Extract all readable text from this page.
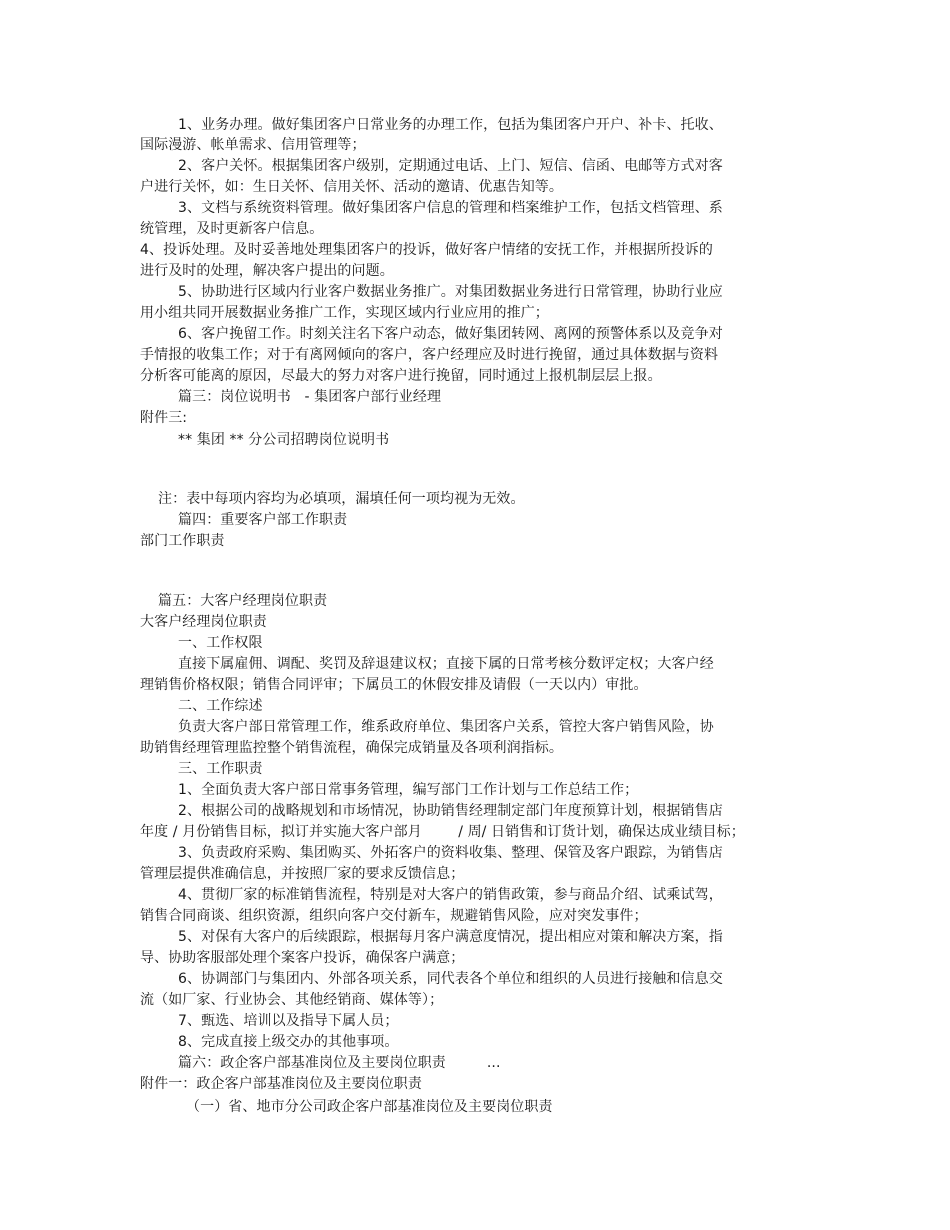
1、业务办理。做好集团客户日常业务的办理工作，包括为集团客户开户、补卡、托收、
国际漫游、帐单需求、信用管理等；
2、客户关怀。根据集团客户级别，定期通过电话、上门、短信、信函、电邮等方式对客
户进行关怀，如：生日关怀、信用关怀、活动的邀请、优惠告知等。
3、文档与系统资料管理。做好集团客户信息的管理和档案维护工作，包括文档管理、系
统管理，及时更新客户信息。
4、投诉处理。及时妥善地处理集团客户的投诉，做好客户情绪的安抚工作，并根据所投诉的
进行及时的处理，解决客户提出的问题。
5、协助进行区域内行业客户数据业务推广。对集团数据业务进行日常管理，协助行业应
用小组共同开展数据业务推广工作，实现区域内行业应用的推广；
6、客户挽留工作。时刻关注名下客户动态，做好集团转网、离网的预警体系以及竞争对
手情报的收集工作；对于有离网倾向的客户，客户经理应及时进行挽留，通过具体数据与资料
分析客可能离的原因，尽最大的努力对客户进行挽留，同时通过上报机制层层上报。
篇三：岗位说明书   - 集团客户部行业经理
附件三:
** 集团 ** 分公司招聘岗位说明书
注：表中每项内容均为必填项，漏填任何一项均视为无效。
篇四：重要客户部工作职责
部门工作职责
篇五：大客户经理岗位职责
大客户经理岗位职责
一、工作权限
直接下属雇佣、调配、奖罚及辞退建议权；直接下属的日常考核分数评定权；大客户经
理销售价格权限；销售合同评审；下属员工的休假安排及请假（一天以内）审批。
二、工作综述
负责大客户部日常管理工作，维系政府单位、集团客户关系，管控大客户销售风险，协
助销售经理管理监控整个销售流程，确保完成销量及各项利润指标。
三、工作职责
1、全面负责大客户部日常事务管理，编写部门工作计划与工作总结工作；
2、根据公司的战略规划和市场情况，协助销售经理制定部门年度预算计划，根据销售店
年度 / 月份销售目标，拟订并实施大客户部月        / 周/ 日销售和订货计划，确保达成业绩目标；
3、负责政府采购、集团购买、外拓客户的资料收集、整理、保管及客户跟踪，为销售店
管理层提供准确信息，并按照厂家的要求反馈信息；
4、贯彻厂家的标准销售流程，特别是对大客户的销售政策，参与商品介绍、试乘试驾，
销售合同商谈、组织资源，组织向客户交付新车，规避销售风险，应对突发事件；
5、对保有大客户的后续跟踪，根据每月客户满意度情况，提出相应对策和解决方案，指
导、协助客服部处理个案客户投诉，确保客户满意；
6、协调部门与集团内、外部各项关系，同代表各个单位和组织的人员进行接触和信息交
流（如厂家、行业协会、其他经销商、媒体等）；
7、甄选、培训以及指导下属人员；
8、完成直接上级交办的其他事项。
篇六：政企客户部基准岗位及主要岗位职责         ...
附件一：政企客户部基准岗位及主要岗位职责
（一）省、地市分公司政企客户部基准岗位及主要岗位职责
